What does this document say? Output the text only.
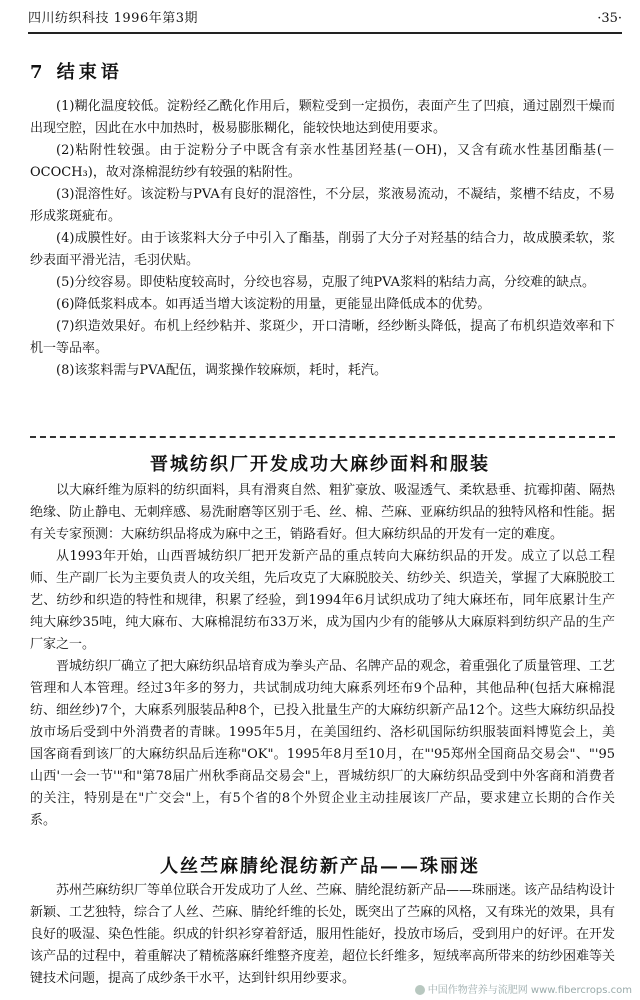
四川纺织科技 1996年第3期	·35·
7 结束语

(1)糊化温度较低。淀粉经乙酰化作用后，颗粒受到一定损伤，表面产生了凹痕，通过剧烈干燥而出现空腔，因此在水中加热时，极易膨胀糊化，能较快地达到使用要求。

(2)粘附性较强。由于淀粉分子中既含有亲水性基团羟基(－OH)，又含有疏水性基团酯基(－OCOCH₃)，故对涤棉混纺纱有较强的粘附性。

(3)混溶性好。该淀粉与PVA有良好的混溶性，不分层，浆液易流动，不凝结，浆槽不结皮，不易形成浆斑疵布。

(4)成膜性好。由于该浆料大分子中引入了酯基，削弱了大分子对羟基的结合力，故成膜柔软，浆纱表面平滑光洁，毛羽伏贴。

(5)分绞容易。即使粘度较高时，分绞也容易，克服了纯PVA浆料的粘结力高，分绞难的缺点。

(6)降低浆料成本。如再适当增大该淀粉的用量，更能显出降低成本的优势。

(7)织造效果好。布机上经纱粘并、浆斑少，开口清晰，经纱断头降低，提高了布机织造效率和下机一等品率。

(8)该浆料需与PVA配伍，调浆操作较麻烦，耗时，耗汽。

晋城纺织厂开发成功大麻纱面料和服装

以大麻纤维为原料的纺织面料，具有滑爽自然、粗犷豪放、吸湿透气、柔软悬垂、抗霉抑菌、隔热绝缘、防止静电、无刺痒感、易洗耐磨等区别于毛、丝、棉、苎麻、亚麻纺织品的独特风格和性能。据有关专家预测：大麻纺织品将成为麻中之王，销路看好。但大麻纺织品的开发有一定的难度。

从1993年开始，山西晋城纺织厂把开发新产品的重点转向大麻纺织品的开发。成立了以总工程师、生产副厂长为主要负责人的攻关组，先后攻克了大麻脱胶关、纺纱关、织造关，掌握了大麻脱胶工艺、纺纱和织造的特性和规律，积累了经验，到1994年6月试织成功了纯大麻坯布，同年底累计生产纯大麻纱35吨，纯大麻布、大麻棉混纺布33万米，成为国内少有的能够从大麻原料到纺织产品的生产厂家之一。

晋城纺织厂确立了把大麻纺织品培育成为拳头产品、名牌产品的观念，着重强化了质量管理、工艺管理和人本管理。经过3年多的努力，共试制成功纯大麻系列坯布9个品种，其他品种(包括大麻棉混纺、细丝纱)7个，大麻系列服装品种8个，已投入批量生产的大麻纺织新产品12个。这些大麻纺织品投放市场后受到中外消费者的青睐。1995年5月，在美国纽约、洛杉矶国际纺织服装面料博览会上，美国客商看到该厂的大麻纺织品后连称"OK"。1995年8月至10月，在"'95郑州全国商品交易会"、"'95山西'一会一节'"和"第78届广州秋季商品交易会"上，晋城纺织厂的大麻纺织品受到中外客商和消费者的关注，特别是在"广交会"上，有5个省的8个外贸企业主动挂展该厂产品，要求建立长期的合作关系。

人丝苎麻腈纶混纺新产品——珠丽迷

苏州苎麻纺织厂等单位联合开发成功了人丝、苎麻、腈纶混纺新产品——珠丽迷。该产品结构设计新颖、工艺独特，综合了人丝、苎麻、腈纶纤维的长处，既突出了苎麻的风格，又有珠光的效果，具有良好的吸湿、染色性能。织成的针织衫穿着舒适，服用性能好，投放市场后，受到用户的好评。在开发该产品的过程中，着重解决了精梳落麻纤维整齐度差，超位长纤维多，短绒率高所带来的纺纱困难等关键技术问题，提高了成纱条干水平，达到针织用纱要求。

中国作物营养与流肥网 www.fibercrops.com
